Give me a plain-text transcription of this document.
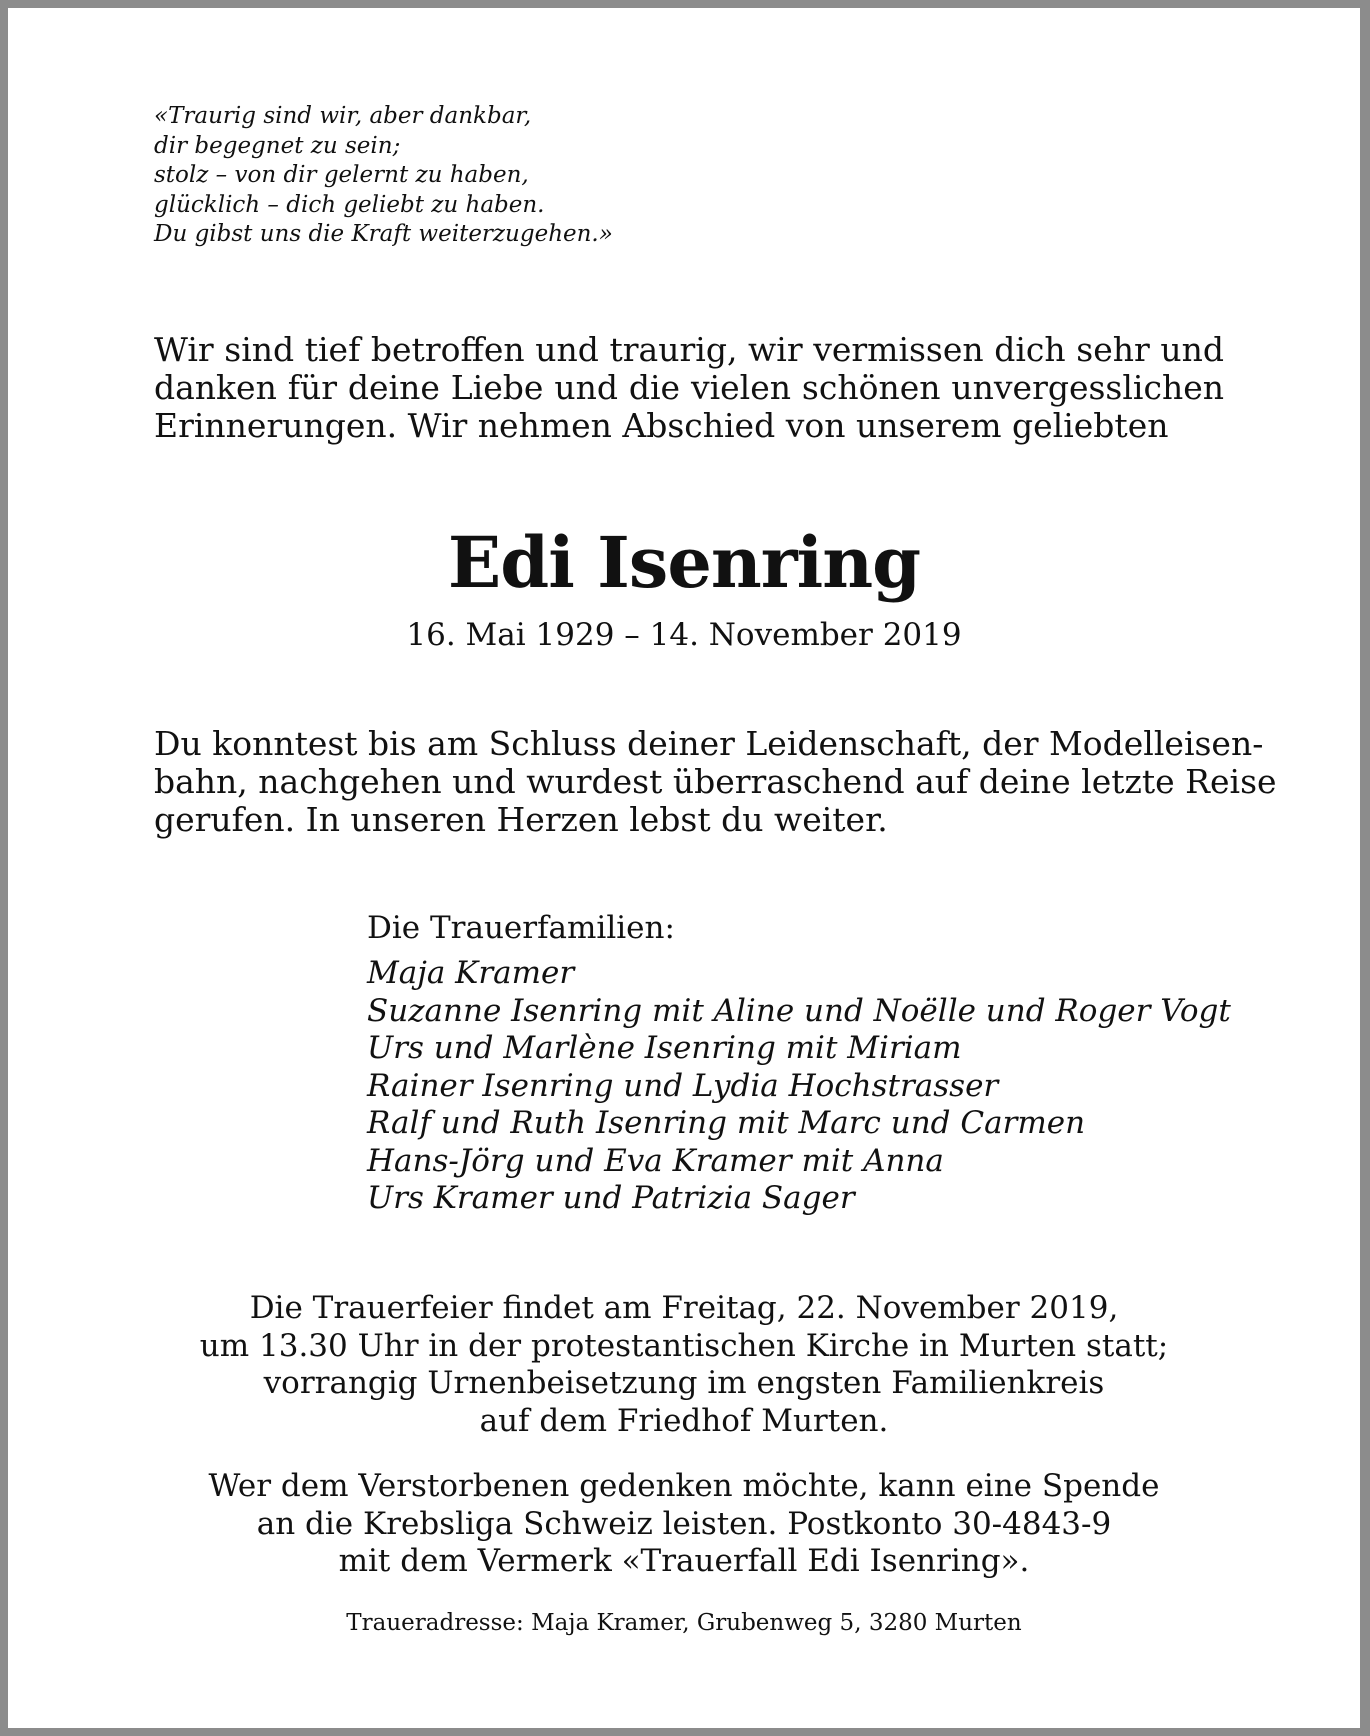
«Traurig sind wir, aber dankbar,
dir begegnet zu sein;
stolz – von dir gelernt zu haben,
glücklich – dich geliebt zu haben.
Du gibst uns die Kraft weiterzugehen.»
Wir sind tief betroffen und traurig, wir vermissen dich sehr und
danken für deine Liebe und die vielen schönen unvergesslichen
Erinnerungen. Wir nehmen Abschied von unserem geliebten
Edi Isenring
16. Mai 1929 – 14. November 2019
Du konntest bis am Schluss deiner Leidenschaft, der Modelleisen-
bahn, nachgehen und wurdest überraschend auf deine letzte Reise
gerufen. In unseren Herzen lebst du weiter.
Die Trauerfamilien:
Maja Kramer
Suzanne Isenring mit Aline und Noëlle und Roger Vogt
Urs und Marlène Isenring mit Miriam
Rainer Isenring und Lydia Hochstrasser
Ralf und Ruth Isenring mit Marc und Carmen
Hans-Jörg und Eva Kramer mit Anna
Urs Kramer und Patrizia Sager
Die Trauerfeier findet am Freitag, 22. November 2019,
um 13.30 Uhr in der protestantischen Kirche in Murten statt;
vorrangig Urnenbeisetzung im engsten Familienkreis
auf dem Friedhof Murten.
Wer dem Verstorbenen gedenken möchte, kann eine Spende
an die Krebsliga Schweiz leisten. Postkonto 30-4843-9
mit dem Vermerk «Trauerfall Edi Isenring».
Traueradresse: Maja Kramer, Grubenweg 5, 3280 Murten
